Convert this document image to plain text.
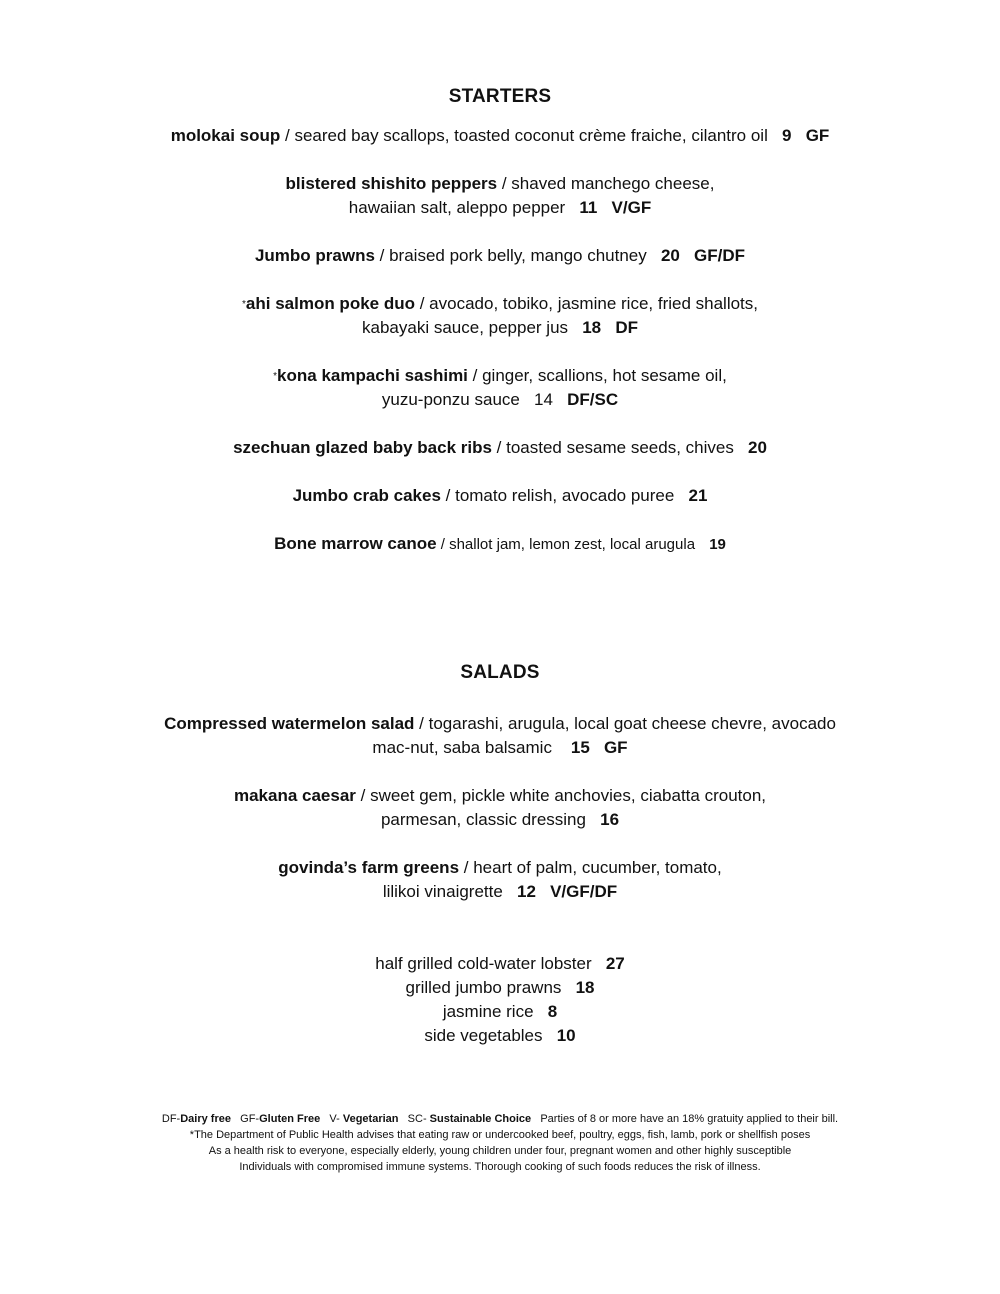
STARTERS
molokai soup / seared bay scallops, toasted coconut crème fraiche, cilantro oil 9 GF
blistered shishito peppers / shaved manchego cheese,
hawaiian salt, aleppo pepper 11 V/GF
Jumbo prawns / braised pork belly, mango chutney 20 GF/DF
*ahi salmon poke duo / avocado, tobiko, jasmine rice, fried shallots,
kabayaki sauce, pepper jus 18 DF
*kona kampachi sashimi / ginger, scallions, hot sesame oil,
yuzu-ponzu sauce 14 DF/SC
szechuan glazed baby back ribs / toasted sesame seeds, chives 20
Jumbo crab cakes / tomato relish, avocado puree 21
Bone marrow canoe / shallot jam, lemon zest, local arugula 19
SALADS
Compressed watermelon salad / togarashi, arugula, local goat cheese chevre, avocado
mac-nut, saba balsamic 15 GF
makana caesar / sweet gem, pickle white anchovies, ciabatta crouton,
parmesan, classic dressing 16
govinda’s farm greens / heart of palm, cucumber, tomato,
lilikoi vinaigrette 12 V/GF/DF
half grilled cold-water lobster 27
grilled jumbo prawns 18
jasmine rice 8
side vegetables 10
DF-Dairy free GF-Gluten Free V- Vegetarian SC- Sustainable Choice Parties of 8 or more have an 18% gratuity applied to their bill.
*The Department of Public Health advises that eating raw or undercooked beef, poultry, eggs, fish, lamb, pork or shellfish poses
As a health risk to everyone, especially elderly, young children under four, pregnant women and other highly susceptible
Individuals with compromised immune systems. Thorough cooking of such foods reduces the risk of illness.
